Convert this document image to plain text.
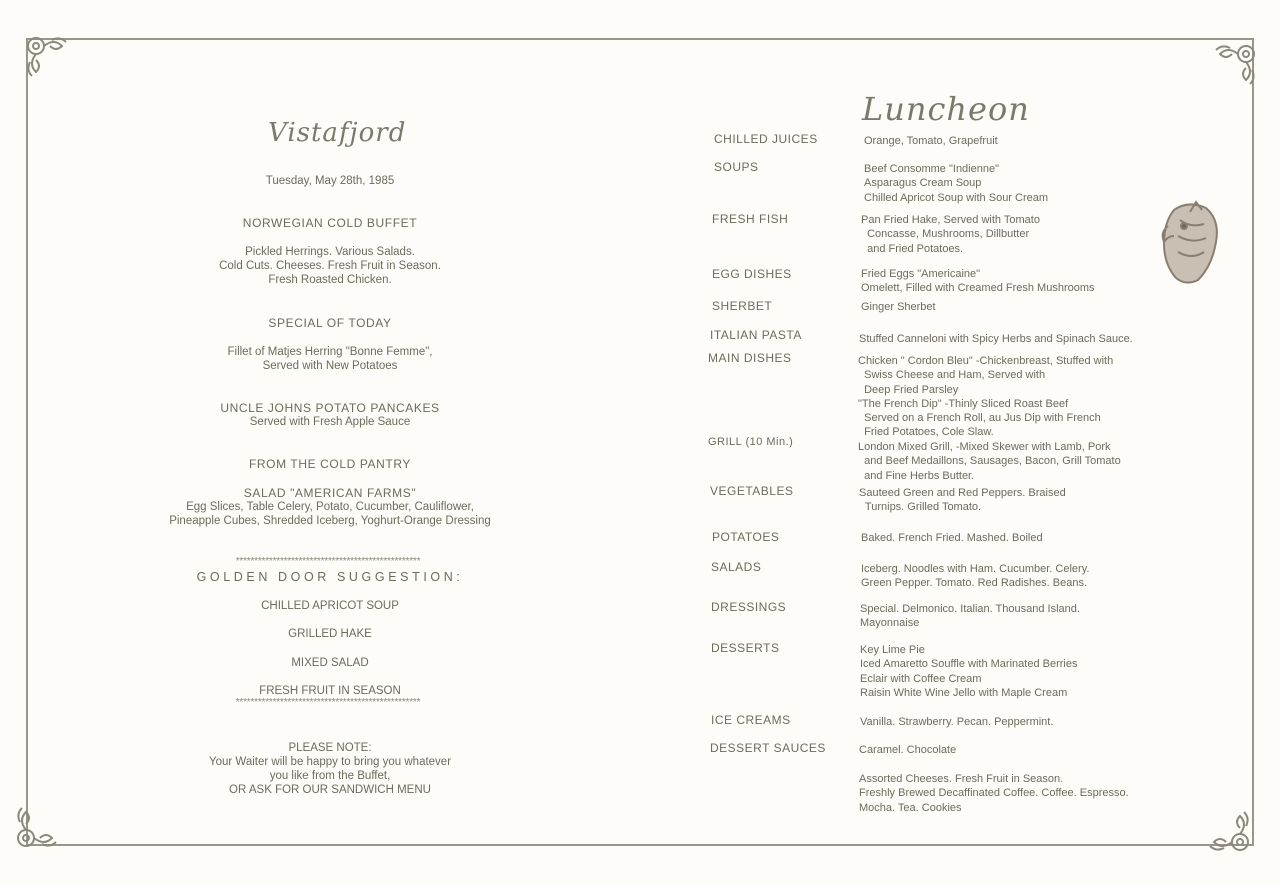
Vistafjord
Tuesday, May 28th, 1985
NORWEGIAN COLD BUFFET
Pickled Herrings. Various Salads.
Cold Cuts. Cheeses. Fresh Fruit in Season.
Fresh Roasted Chicken.
SPECIAL OF TODAY
Fillet of Matjes Herring "Bonne Femme",
Served with New Potatoes
UNCLE JOHNS POTATO PANCAKES
Served with Fresh Apple Sauce
FROM THE COLD PANTRY
SALAD "AMERICAN FARMS"
Egg Slices, Table Celery, Potato, Cucumber, Cauliflower,
Pineapple Cubes, Shredded Iceberg, Yoghurt-Orange Dressing
**************************************************
GOLDEN DOOR SUGGESTION:
CHILLED APRICOT SOUP
GRILLED HAKE
MIXED SALAD
FRESH FRUIT IN SEASON
**************************************************
PLEASE NOTE:
Your Waiter will be happy to bring you whatever
you like from the Buffet,
OR ASK FOR OUR SANDWICH MENU
Luncheon
CHILLED JUICES	Orange, Tomato, Grapefruit
SOUPS	Beef Consomme "Indienne"
Asparagus Cream Soup
Chilled Apricot Soup with Sour Cream
FRESH FISH	Pan Fried Hake, Served with Tomato
Concasse, Mushrooms, Dillbutter
and Fried Potatoes.
EGG DISHES	Fried Eggs "Americaine"
Omelett, Filled with Creamed Fresh Mushrooms
SHERBET	Ginger Sherbet
ITALIAN PASTA	Stuffed Canneloni with Spicy Herbs and Spinach Sauce.
MAIN DISHES	Chicken " Cordon Bleu" -Chickenbreast, Stuffed with
Swiss Cheese and Ham, Served with
Deep Fried Parsley
"The French Dip" -Thinly Sliced Roast Beef
Served on a French Roll, au Jus Dip with French
Fried Potatoes, Cole Slaw.
GRILL (10 Min.)	London Mixed Grill, -Mixed Skewer with Lamb, Pork
and Beef Medaillons, Sausages, Bacon, Grill Tomato
and Fine Herbs Butter.
VEGETABLES	Sauteed Green and Red Peppers. Braised
Turnips. Grilled Tomato.
POTATOES	Baked. French Fried. Mashed. Boiled
SALADS	Iceberg. Noodles with Ham. Cucumber. Celery.
Green Pepper. Tomato. Red Radishes. Beans.
DRESSINGS	Special. Delmonico. Italian. Thousand Island.
Mayonnaise
DESSERTS	Key Lime Pie
Iced Amaretto Souffle with Marinated Berries
Eclair with Coffee Cream
Raisin White Wine Jello with Maple Cream
ICE CREAMS	Vanilla. Strawberry. Pecan. Peppermint.
DESSERT SAUCES	Caramel. Chocolate
Assorted Cheeses. Fresh Fruit in Season.
Freshly Brewed Decaffinated Coffee. Coffee. Espresso.
Mocha. Tea. Cookies
